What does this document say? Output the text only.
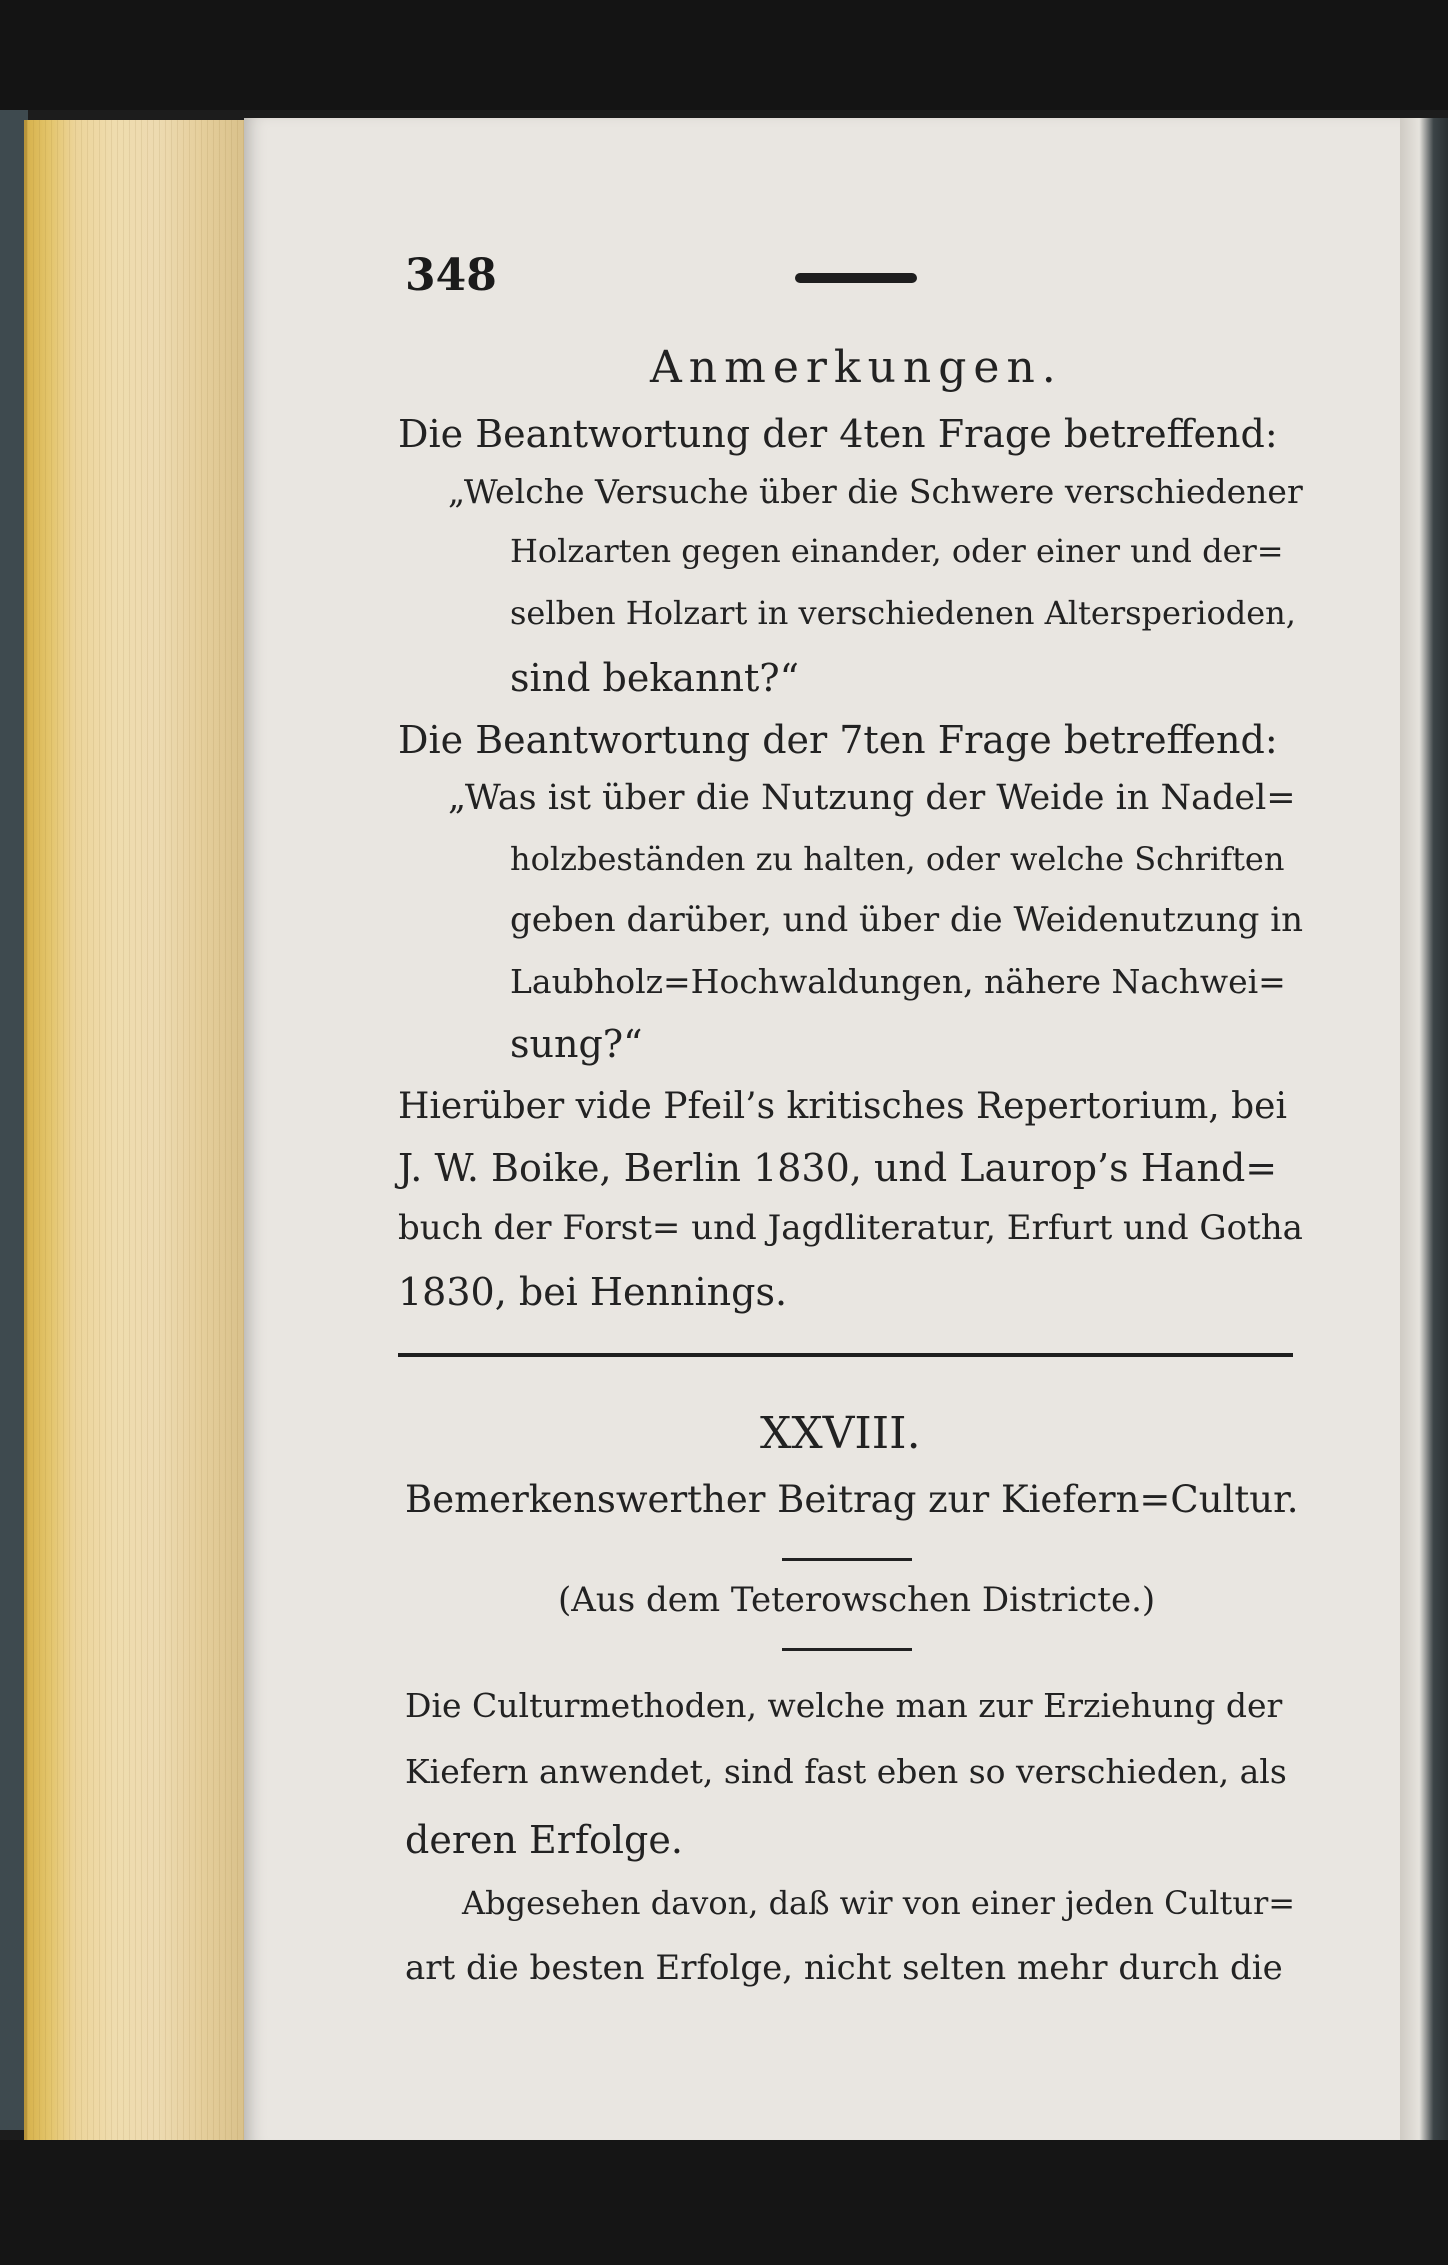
348
Anmerkungen.
Die Beantwortung der 4ten Frage betreffend:
„Welche Versuche über die Schwere verschiedener
Holzarten gegen einander, oder einer und der=
selben Holzart in verschiedenen Altersperioden,
sind bekannt?“
Die Beantwortung der 7ten Frage betreffend:
„Was ist über die Nutzung der Weide in Nadel=
holzbeständen zu halten, oder welche Schriften
geben darüber, und über die Weidenutzung in
Laubholz=Hochwaldungen, nähere Nachwei=
sung?“
Hierüber vide Pfeil’s kritisches Repertorium, bei
J. W. Boike, Berlin 1830, und Laurop’s Hand=
buch der Forst= und Jagdliteratur, Erfurt und Gotha
1830, bei Hennings.
XXVIII.
Bemerkenswerther Beitrag zur Kiefern=Cultur.
(Aus dem Teterowschen Districte.)
Die Culturmethoden, welche man zur Erziehung der
Kiefern anwendet, sind fast eben so verschieden, als
deren Erfolge.
Abgesehen davon, daß wir von einer jeden Cultur=
art die besten Erfolge, nicht selten mehr durch die
